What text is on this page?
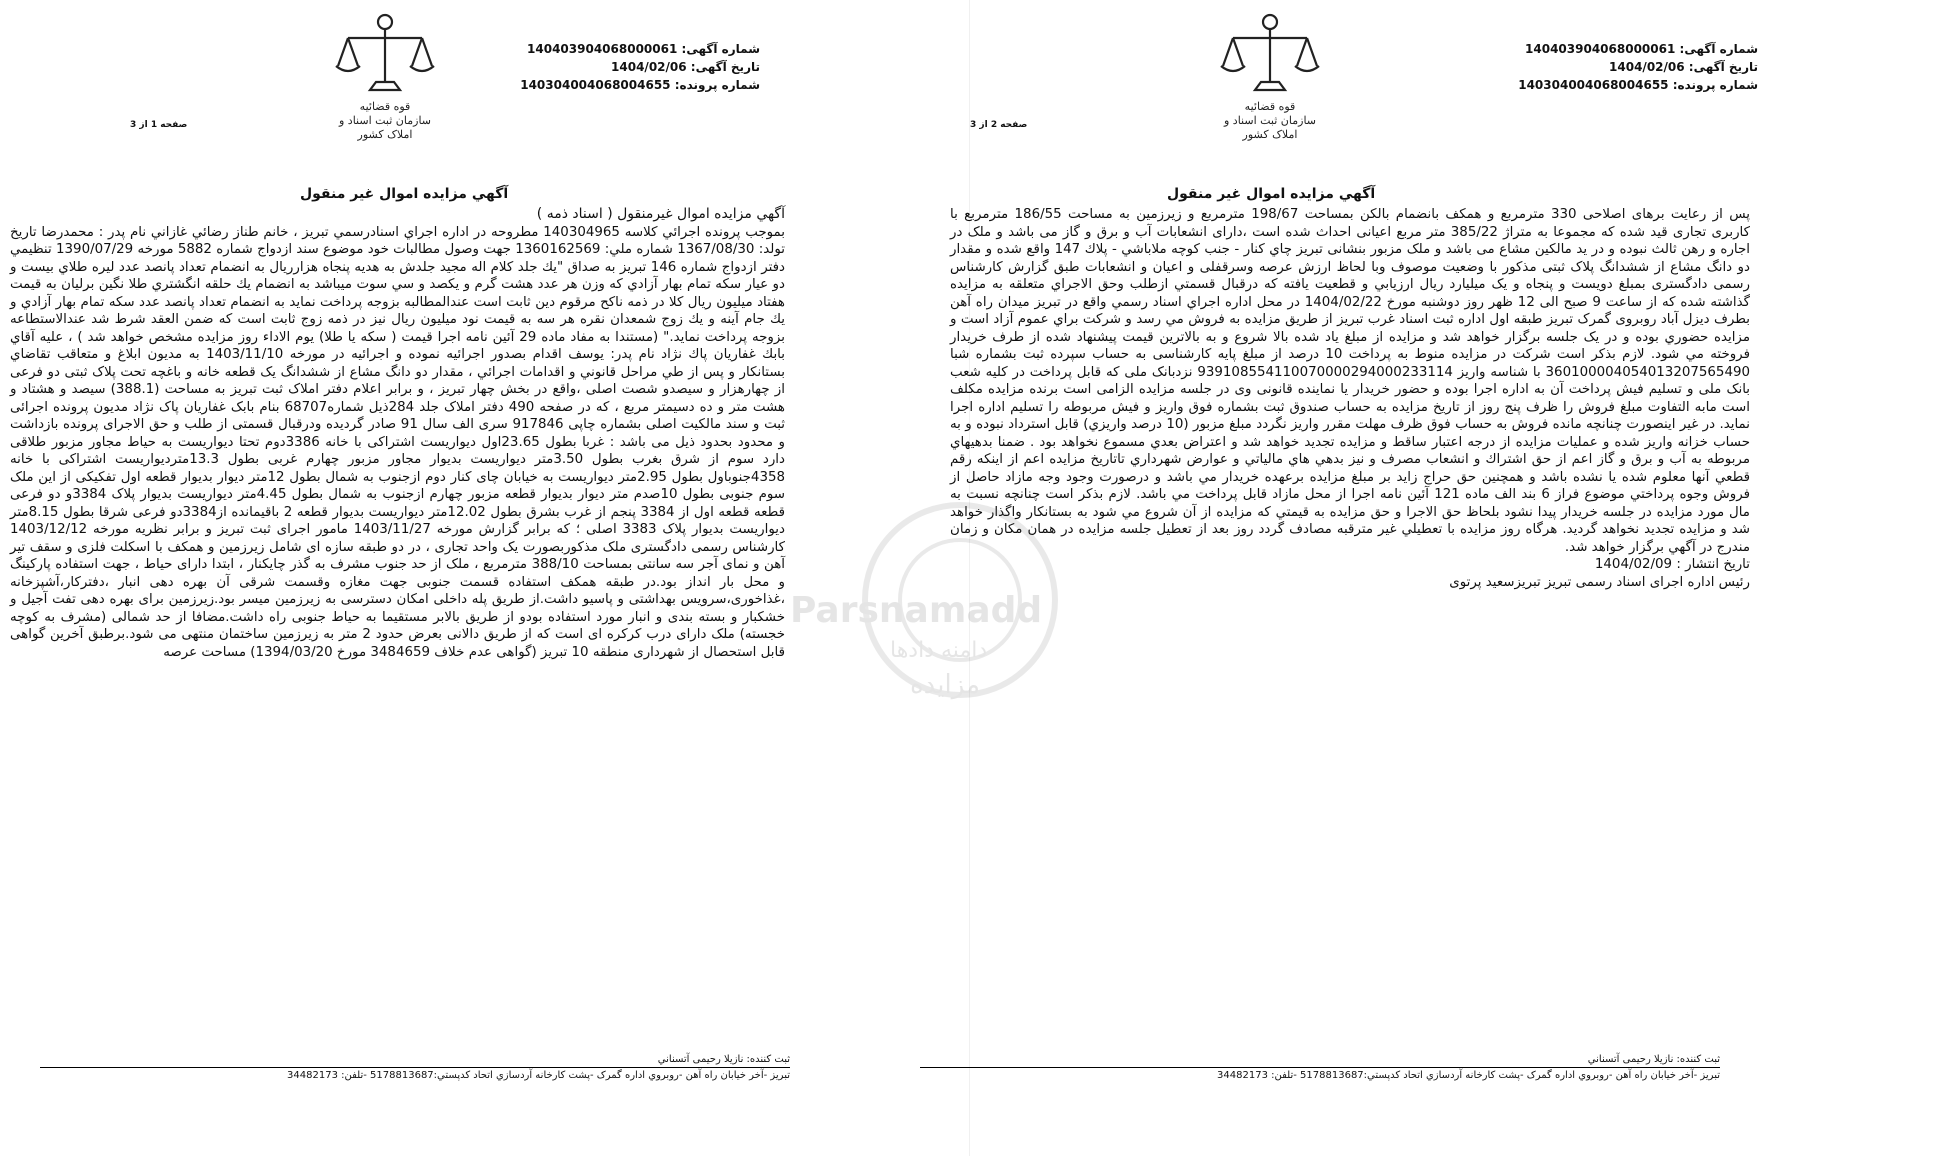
شماره آگهی: 140403904068000061
تاریخ آگهی: 1404/02/06
شماره پرونده: 140304004068004655
قوه قضائیه
سازمان ثبت اسناد و املاک کشور
صفحه 1 از 3
آگهي مزايده اموال غير منقول

آگهي مزايده اموال غيرمنقول ( اسناد ذمه )

بموجب پرونده اجرائي كلاسه 140304965 مطروحه در اداره اجراي اسنادرسمي تبريز ، خانم طناز رضائي غازاني نام پدر : محمدرضا تاريخ تولد: 1367/08/30 شماره ملي: 1360162569 جهت وصول مطالبات خود موضوع سند ازدواج شماره 5882 مورخه 1390/07/29 تنظيمي دفتر ازدواج شماره 146 تبريز به صداق "يك جلد كلام اله مجيد جلدش به هديه پنجاه هزارريال به انضمام تعداد پانصد عدد ليره طلاي بيست و دو عيار سكه تمام بهار آزادي كه وزن هر عدد هشت گرم و يكصد و سي سوت ميباشد به انضمام يك حلقه انگشتري طلا نگين برليان به قيمت هفتاد ميليون ريال كلا در ذمه ناكح مرقوم دين ثابت است عندالمطالبه بزوجه پرداخت نمايد به انضمام تعداد پانصد عدد سكه تمام بهار آزادي و يك جام آينه و يك زوج شمعدان نقره هر سه به قيمت نود ميليون ريال نيز در ذمه زوج ثابت است كه ضمن العقد شرط شد عندالاستطاعه بزوجه پرداخت نمايد." (مستندا به مفاد ماده 29 آئين نامه اجرا قيمت ( سكه يا طلا) يوم الاداء روز مزايده مشخص خواهد شد ) ، عليه آقاي بابك غفاريان پاك نژاد نام پدر: يوسف اقدام بصدور اجرائيه نموده و اجرائيه در مورخه 1403/11/10 به مديون ابلاغ و متعاقب تقاضاي بستانكار و پس از طي مراحل قانوني و اقدامات اجرائي ، مقدار دو دانگ مشاع از ششدانگ يک قطعه خانه و باغچه تحت پلاک ثبتی دو فرعی از چهارهزار و سیصدو شصت اصلی ،واقع در بخش چهار تبریز ، و برابر اعلام دفتر املاک ثبت تبریز به مساحت (388.1) سیصد و هشتاد و هشت متر و ده دسیمتر مربع ، که در صفحه 490 دفتر املاک جلد 284ذيل شماره68707 بنام بابک غفاریان پاک نژاد مدیون پرونده اجرائی ثبت و سند مالکیت اصلی بشماره چاپی 917846 سری الف سال 91 صادر گردیده ودرقبال قسمتی از طلب و حق الاجرای پرونده بازداشت و محدود بحدود ذیل می باشد : غربا بطول 23.65اول دیواریست اشتراکی با خانه 3386دوم تحتا دیواریست به حیاط مجاور مزبور طلاقی دارد سوم از شرق بغرب بطول 3.50متر دیواریست بدیوار مجاور مزبور چهارم غربی بطول 13.3متردیواریست اشتراکی با خانه 4358جنوباول بطول 2.95متر دیواریست به خیابان چای کنار دوم ازجنوب به شمال بطول 12متر دیوار بدیوار قطعه اول تفکیکی از این ملک سوم جنوبی بطول 10صدم متر دیوار بدیوار قطعه مزبور چهارم ازجنوب به شمال بطول 4.45متر دیواریست بدیوار پلاک 3384و دو فرعی قطعه قطعه اول از 3384 پنجم از غرب بشرق بطول 12.02متر دیواریست بدیوار قطعه 2 باقیمانده از3384دو فرعی شرقا بطول 8.15متر دیواریست بدیوار پلاک 3383 اصلی ؛ كه برابر گزارش مورخه 1403/11/27 مامور اجرای ثبت تبريز و برابر نظريه مورخه 1403/12/12 کارشناس رسمی دادگستری ملک مذکوربصورت یک واحد تجاری ، در دو طبقه سازه ای شامل زیرزمین و همکف با اسکلت فلزی و سقف تیر آهن و نمای آجر سه سانتی بمساحت 388/10 مترمربع ، ملک از حد جنوب مشرف به گذر چایکنار ، ابتدا دارای حیاط ، جهت استفاده پارکینگ و محل بار انداز بود.در طبقه همکف استفاده قسمت جنوبی جهت مغازه وقسمت شرقی آن بهره دهی انبار ،دفترکار،آشپزخانه ،غذاخوری،سرویس بهداشتی و پاسیو داشت.از طریق پله داخلی امکان دسترسی به زیرزمین میسر بود.زیرزمین برای بهره دهی تفت آجیل و خشکبار و بسته بندی و انبار مورد استفاده بودو از طریق بالابر مستقیما به حیاط جنوبی راه داشت.مضافا از حد شمالی (مشرف به کوچه خجسته) ملک دارای درب کرکره ای است که از طریق دالانی بعرض حدود 2 متر به زیرزمین ساختمان منتهی می شود.برطبق آخرین گواهی قابل استحصال از شهرداری منطقه 10 تبریز (گواهی عدم خلاف 3484659 مورخ 1394/03/20) مساحت عرصه

ثبت کننده: نازیلا رحیمی آتسناني
تبريز -آخر خيابان راه آهن -روبروي اداره گمرک -پشت كارخانه آردسازي اتحاد كدپستي:5178813687 -تلفن: 34482173
شماره آگهی: 140403904068000061
تاریخ آگهی: 1404/02/06
شماره پرونده: 140304004068004655
قوه قضائیه
سازمان ثبت اسناد و املاک کشور
صفحه 2 از 3
آگهي مزايده اموال غير منقول

پس از رعایت برهای اصلاحی 330 مترمربع و همکف بانضمام بالکن بمساحت 198/67 مترمربع و زیرزمین به مساحت 186/55 مترمربع با کاربری تجاری قید شده که مجموعا به متراژ 385/22 متر مربع اعیانی احداث شده است ،دارای انشعابات آب و برق و گاز می باشد و ملک در اجاره و رهن ثالث نبوده و در ید مالکین مشاع می باشد و ملک مزبور بنشانی تبريز چاي كنار - جنب كوچه ملاباشي - پلاك 147 واقع شده و مقدار دو دانگ مشاع از ششدانگ پلاک ثبتی مذكور با وضعيت موصوف وبا لحاظ ارزش عرصه وسرقفلی و اعيان و انشعابات طبق گزارش کارشناس رسمی دادگستری بمبلغ دويست و پنجاه و یک میلیارد ريال ارزيابي و قطعيت يافته كه درقبال قسمتي ازطلب وحق الاجراي متعلقه به مزايده گذاشته شده كه از ساعت 9 صبح الی 12 ظهر روز دوشنبه مورخ 1404/02/22 در محل اداره اجراي اسناد رسمي واقع در تبريز ميدان راه آهن بطرف ديزل آباد روبروی گمرک تبريز طبقه اول اداره ثبت اسناد غرب تبریز از طريق مزايده به فروش مي رسد و شركت براي عموم آزاد است و مزايده حضوري بوده و در يک جلسه برگزار خواهد شد و مزايده از مبلغ ياد شده بالا شروع و به بالاترين قيمت پيشنهاد شده از طرف خريدار فروخته مي شود. لازم بذكر است شركت در مزايده منوط به پرداخت 10 درصد از مبلغ پایه کارشناسی به حساب سپرده ثبت بشماره شبا 360100004054013207565490 با شناسه واریز 939108554110070000294000233114 نزدبانک ملی که قابل پرداخت در کلیه شعب بانک ملی و تسلیم فیش پرداخت آن به اداره اجرا بوده و حضور خریدار یا نماینده قانونی وی در جلسه مزايده الزامی است برنده مزايده مكلف است مابه التفاوت مبلغ فروش را ظرف پنج روز از تاریخ مزایده به حساب صندوق ثبت بشماره فوق واریز و فیش مربوطه را تسلیم اداره اجرا نماید. در غير اينصورت چنانچه مانده فروش به حساب فوق ظرف مهلت مقرر واريز نگردد مبلغ مزبور (10 درصد واريزي) قابل استرداد نبوده و به حساب خزانه واريز شده و عمليات مزايده از درجه اعتبار ساقط و مزايده تجديد خواهد شد و اعتراض بعدي مسموع نخواهد بود . ضمنا بدهيهاي مربوطه به آب و برق و گاز اعم از حق اشتراك و انشعاب مصرف و نيز بدهي هاي مالياتي و عوارض شهرداري تاتاريخ مزايده اعم از اينكه رقم قطعي آنها معلوم شده يا نشده باشد و همچنين حق حراج زايد بر مبلغ مزايده برعهده خريدار مي باشد و درصورت وجود وجه مازاد حاصل از فروش وجوه پرداختي موضوع فراز 6 بند الف ماده 121 آئين نامه اجرا از محل مازاد قابل پرداخت مي باشد. لازم بذكر است چنانچه نسبت به مال مورد مزايده در جلسه خريدار پيدا نشود بلحاظ حق الاجرا و حق مزايده به قيمتي كه مزايده از آن شروع مي شود به بستانكار واگذار خواهد شد و مزايده تجديد نخواهد گرديد. هرگاه روز مزايده با تعطيلي غير مترقبه مصادف گردد روز بعد از تعطيل جلسه مزايده در همان مكان و زمان مندرج در آگهي برگزار خواهد شد.

تاريخ انتشار : 1404/02/09

رئيس اداره اجراى اسناد رسمى تبريز تبريزسعيد پرتوی

ثبت کننده: نازیلا رحیمی آتسناني
تبريز -آخر خيابان راه آهن -روبروي اداره گمرک -پشت كارخانه آردسازي اتحاد كدپستي:5178813687 -تلفن: 34482173
Parsnamadd
دامنه دادها
مزایده
